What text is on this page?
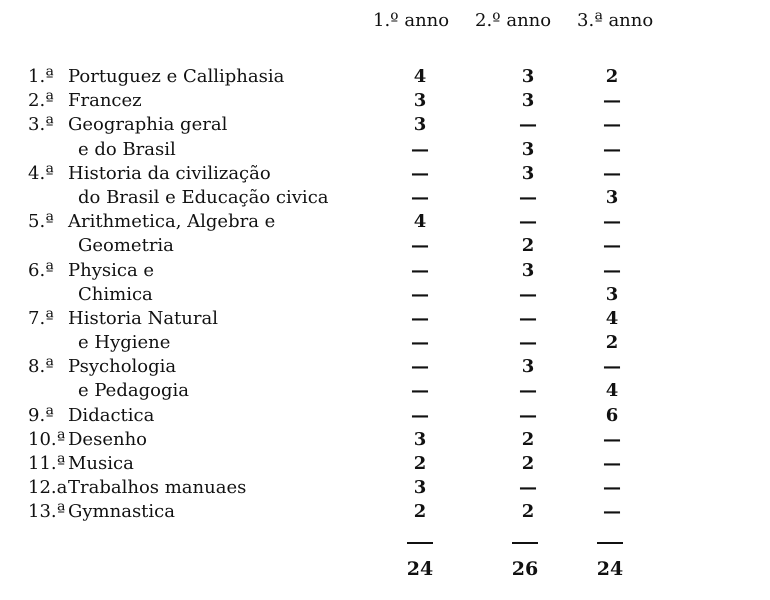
1.º anno 2.º anno 3.ª anno
1.ª Portuguez e Calliphasia	4	3	2
2.ª Francez	3	3	—
3.ª Geographia geral	3	—	—
e do Brasil	—	3	—
4.ª Historia da civilização	—	3	—
do Brasil e Educação civica	—	—	3
5.ª Arithmetica, Algebra e	4	—	—
Geometria	—	2	—
6.ª Physica e	—	3	—
Chimica	—	—	3
7.ª Historia Natural	—	—	4
e Hygiene	—	—	2
8.ª Psychologia	—	3	—
e Pedagogia	—	—	4
9.ª Didactica	—	—	6
10.ª Desenho	3	2	—
11.ª Musica	2	2	—
12.a Trabalhos manuaes	3	—	—
13.ª Gymnastica	2	2	—
24	26	24
